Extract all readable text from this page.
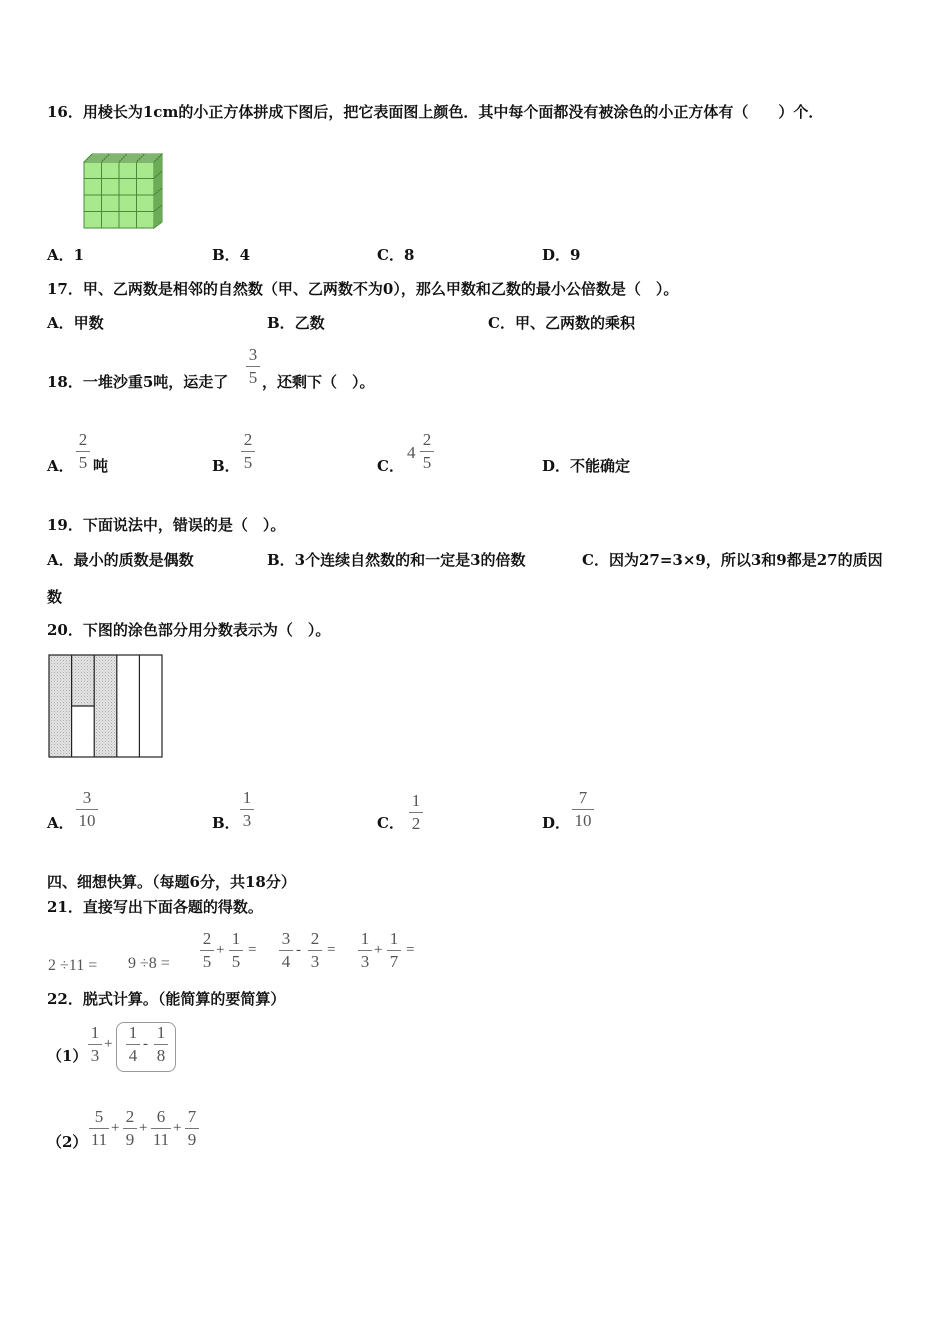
16．用棱长为1cm的小正方体拼成下图后，把它表面图上颜色．其中每个面都没有被涂色的小正方体有（　　）个．
A．1	B．4	C．8	D．9
17．甲、乙两数是相邻的自然数（甲、乙两数不为0），那么甲数和乙数的最小公倍数是（　）。
A．甲数	B．乙数	C．甲、乙两数的乘积
18．一堆沙重5吨，运走了
3
5 ，还剩下（　）。
A．
2
5 吨	B．
2
5	C．
4
2
5	D．不能确定
19．下面说法中，错误的是（　）。
A．最小的质数是偶数	B．3个连续自然数的和一定是3的倍数	C．因为27=3×9，所以3和9都是27的质因
数
20．下图的涂色部分用分数表示为（　）。
A．
3
10	B．
1
3	C．
1
2	D．
7
10
四、细想快算。（每题6分，共18分）
21．直接写出下面各题的得数。
2 ÷11 = 9 ÷8 =
2
5
+
1
5
=
3
4
-
2
3
=
1
3
+
1
7
=
22．脱式计算。（能简算的要简算）
（1）
1
3
+
1
4
-
1
8
（2）
5
11
+
2
9
+
6
11
+
7
9
